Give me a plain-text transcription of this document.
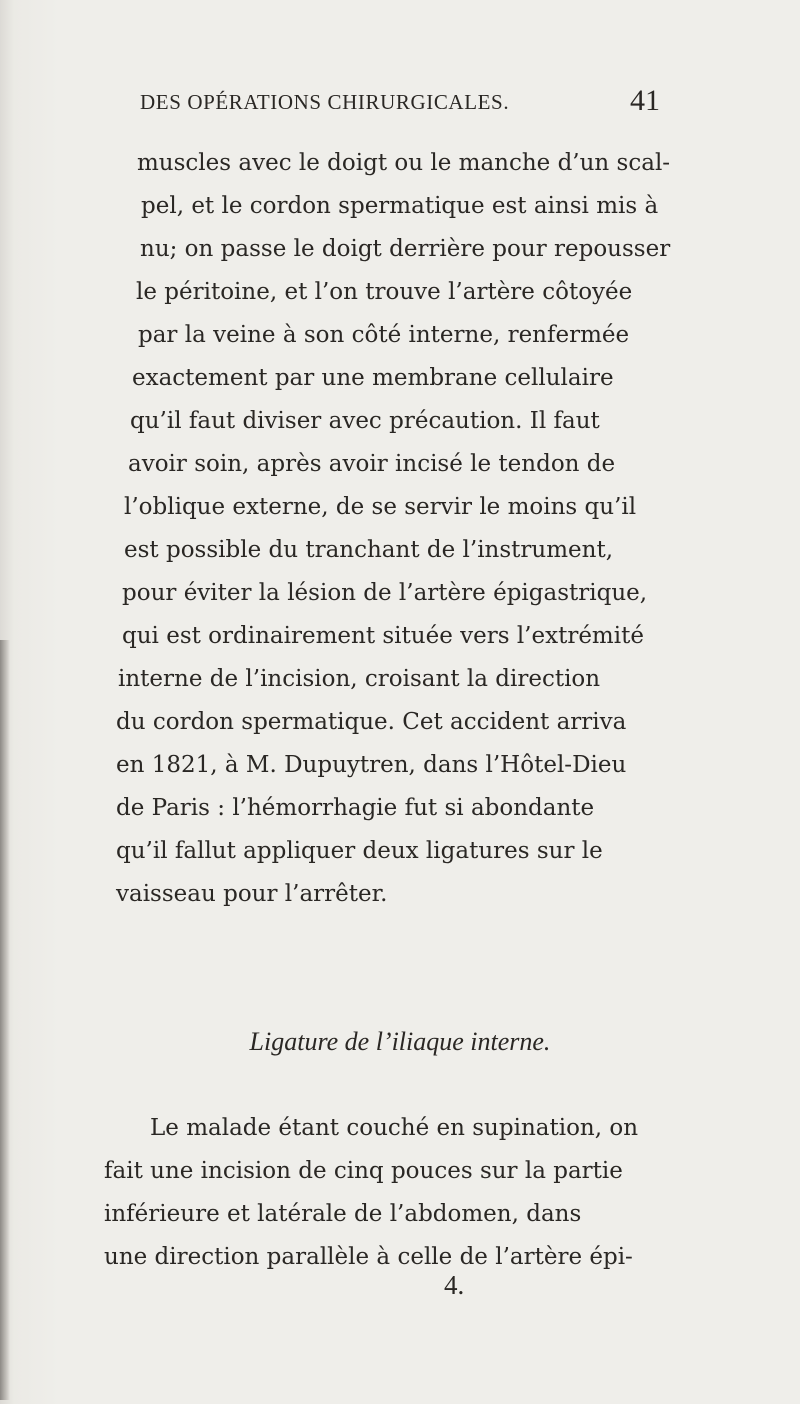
DES OPÉRATIONS CHIRURGICALES.	41
muscles avec le doigt ou le manche d’un scal-
pel, et le cordon spermatique est ainsi mis à
nu; on passe le doigt derrière pour repousser
le péritoine, et l’on trouve l’artère côtoyée
par la veine à son côté interne, renfermée
exactement par une membrane cellulaire
qu’il faut diviser avec précaution. Il faut
avoir soin, après avoir incisé le tendon de
l’oblique externe, de se servir le moins qu’il
est possible du tranchant de l’instrument,
pour éviter la lésion de l’artère épigastrique,
qui est ordinairement située vers l’extrémité
interne de l’incision, croisant la direction
du cordon spermatique. Cet accident arriva
en 1821, à M. Dupuytren, dans l’Hôtel-Dieu
de Paris : l’hémorrhagie fut si abondante
qu’il fallut appliquer deux ligatures sur le
vaisseau pour l’arrêter.
Ligature de l’iliaque interne.
Le malade étant couché en supination, on
fait une incision de cinq pouces sur la partie
inférieure et latérale de l’abdomen, dans
une direction parallèle à celle de l’artère épi-
4.
